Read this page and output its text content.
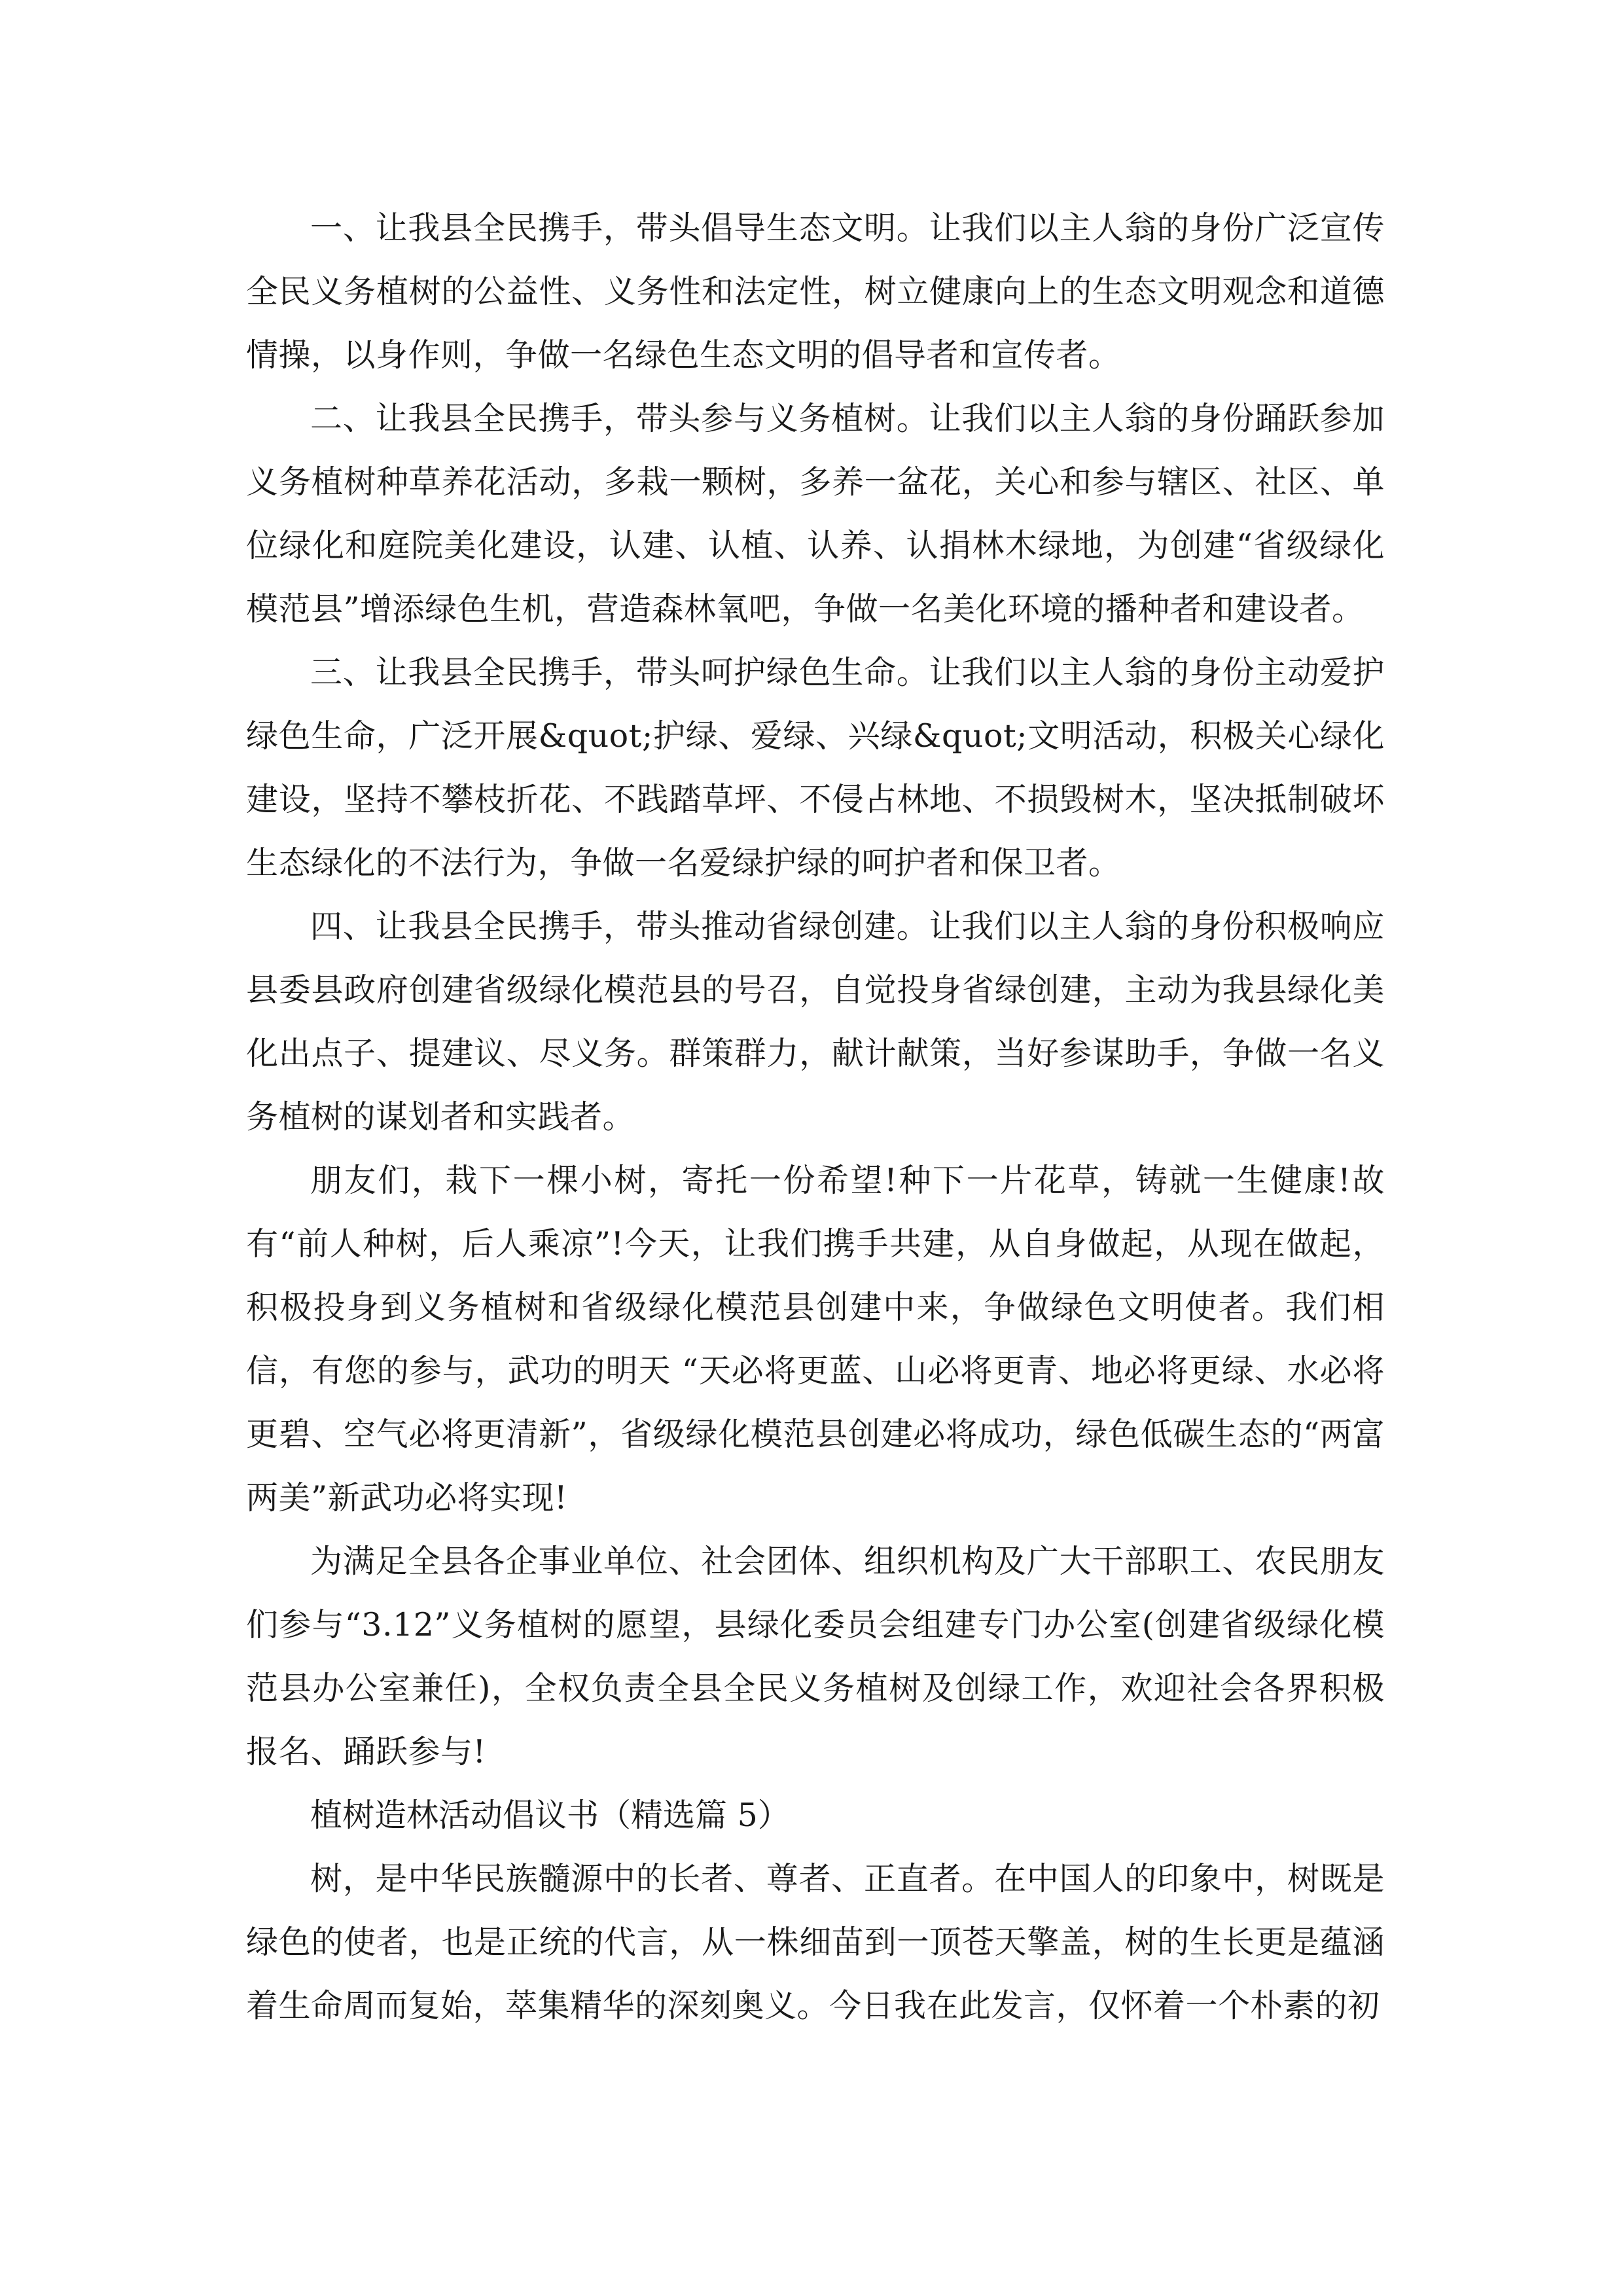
一、让我县全民携手，带头倡导生态文明。让我们以主人翁的身份广泛宣传全民义务植树的公益性、义务性和法定性，树立健康向上的生态文明观念和道德情操，以身作则，争做一名绿色生态文明的倡导者和宣传者。

二、让我县全民携手，带头参与义务植树。让我们以主人翁的身份踊跃参加义务植树种草养花活动，多栽一颗树，多养一盆花，关心和参与辖区、社区、单位绿化和庭院美化建设，认建、认植、认养、认捐林木绿地，为创建“省级绿化模范县”增添绿色生机，营造森林氧吧，争做一名美化环境的播种者和建设者。

三、让我县全民携手，带头呵护绿色生命。让我们以主人翁的身份主动爱护绿色生命，广泛开展&quot;护绿、爱绿、兴绿&quot;文明活动，积极关心绿化建设，坚持不攀枝折花、不践踏草坪、不侵占林地、不损毁树木，坚决抵制破坏生态绿化的不法行为，争做一名爱绿护绿的呵护者和保卫者。

四、让我县全民携手，带头推动省绿创建。让我们以主人翁的身份积极响应县委县政府创建省级绿化模范县的号召，自觉投身省绿创建，主动为我县绿化美化出点子、提建议、尽义务。群策群力，献计献策，当好参谋助手，争做一名义务植树的谋划者和实践者。

朋友们，栽下一棵小树，寄托一份希望!种下一片花草，铸就一生健康!故有“前人种树，后人乘凉”!今天，让我们携手共建，从自身做起，从现在做起，积极投身到义务植树和省级绿化模范县创建中来，争做绿色文明使者。我们相信，有您的参与，武功的明天 “天必将更蓝、山必将更青、地必将更绿、水必将更碧、空气必将更清新”，省级绿化模范县创建必将成功，绿色低碳生态的“两富两美”新武功必将实现!

为满足全县各企事业单位、社会团体、组织机构及广大干部职工、农民朋友们参与“3.12”义务植树的愿望，县绿化委员会组建专门办公室(创建省级绿化模范县办公室兼任)，全权负责全县全民义务植树及创绿工作，欢迎社会各界积极报名、踊跃参与!

植树造林活动倡议书（精选篇 5）

树，是中华民族髓源中的长者、尊者、正直者。在中国人的印象中，树既是绿色的使者，也是正统的代言，从一株细苗到一顶苍天擎盖，树的生长更是蕴涵着生命周而复始，萃集精华的深刻奥义。今日我在此发言，仅怀着一个朴素的初
